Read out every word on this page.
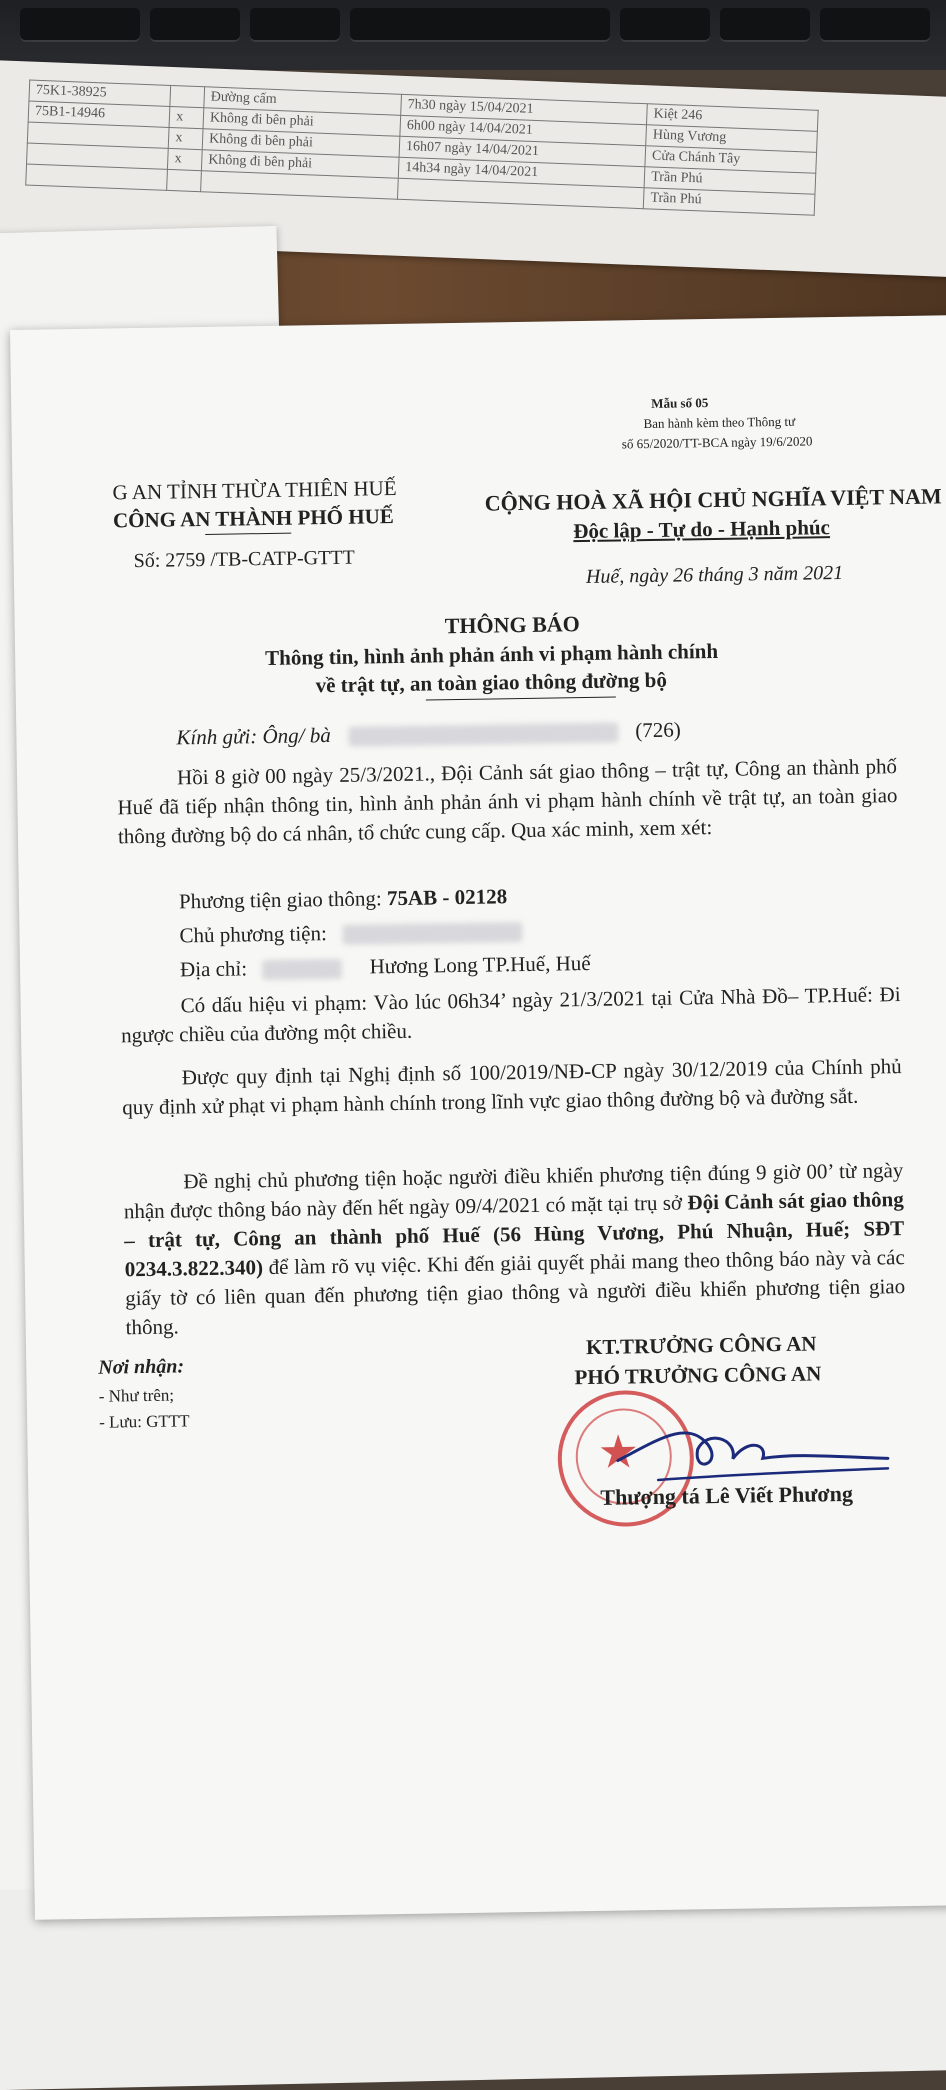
75K1-38925		Đường cấm	7h30 ngày 15/04/2021	Kiệt 246
75B1-14946	x	Không đi bên phải	6h00 ngày 14/04/2021	Hùng Vương
	x	Không đi bên phải	16h07 ngày 14/04/2021	Cửa Chánh Tây
	x	Không đi bên phải	14h34 ngày 14/04/2021	Trần Phú
				Trần Phú
Mẫu số 05
Ban hành kèm theo Thông tư
số 65/2020/TT-BCA ngày 19/6/2020
G AN TỈNH THỪA THIÊN HUẾ
CÔNG AN THÀNH PHỐ HUẾ
Số: 2759 /TB-CATP-GTTT
CỘNG HOÀ XÃ HỘI CHỦ NGHĨA VIỆT NAM
Độc lập - Tự do - Hạnh phúc
Huế, ngày 26 tháng 3 năm 2021
THÔNG BÁO
Thông tin, hình ảnh phản ánh vi phạm hành chính
về trật tự, an toàn giao thông đường bộ
Kính gửi: Ông/ bà	(726)
Hồi 8 giờ 00 ngày 25/3/2021., Đội Cảnh sát giao thông – trật tự, Công an thành phố Huế đã tiếp nhận thông tin, hình ảnh phản ánh vi phạm hành chính về trật tự, an toàn giao thông đường bộ do cá nhân, tổ chức cung cấp. Qua xác minh, xem xét:
Phương tiện giao thông: 75AB - 02128
Chủ phương tiện:
Địa chỉ:	Hương Long TP.Huế, Huế
Có dấu hiệu vi phạm: Vào lúc 06h34’ ngày 21/3/2021 tại Cửa Nhà Đồ– TP.Huế: Đi ngược chiều của đường một chiều.
Được quy định tại Nghị định số 100/2019/NĐ-CP ngày 30/12/2019 của Chính phủ quy định xử phạt vi phạm hành chính trong lĩnh vực giao thông đường bộ và đường sắt.
Đề nghị chủ phương tiện hoặc người điều khiển phương tiện đúng 9 giờ 00’ từ ngày nhận được thông báo này đến hết ngày 09/4/2021 có mặt tại trụ sở Đội Cảnh sát giao thông – trật tự, Công an thành phố Huế (56 Hùng Vương, Phú Nhuận, Huế; SĐT 0234.3.822.340) để làm rõ vụ việc. Khi đến giải quyết phải mang theo thông báo này và các giấy tờ có liên quan đến phương tiện giao thông và người điều khiển phương tiện giao thông.
Nơi nhận:
- Như trên;
- Lưu: GTTT
KT.TRƯỞNG CÔNG AN
PHÓ TRƯỞNG CÔNG AN
★
Thượng tá Lê Viết Phương
